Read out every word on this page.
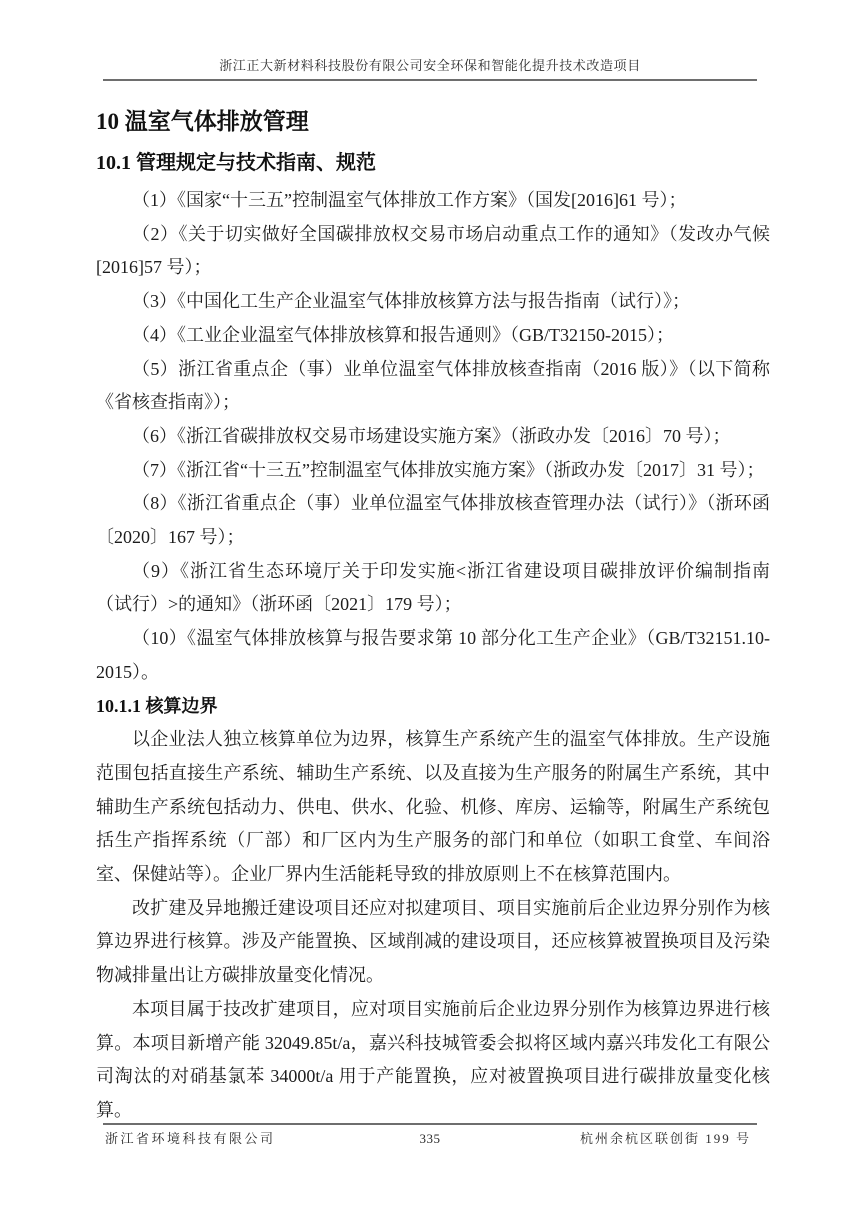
浙江正大新材料科技股份有限公司安全环保和智能化提升技术改造项目
10 温室气体排放管理
10.1 管理规定与技术指南、规范

（1）《国家“十三五”控制温室气体排放工作方案》（国发[2016]61 号）；

（2）《关于切实做好全国碳排放权交易市场启动重点工作的通知》（发改办气候[2016]57 号）；

（3）《中国化工生产企业温室气体排放核算方法与报告指南（试行）》；

（4）《工业企业温室气体排放核算和报告通则》（GB/T32150-2015）；

（5）浙江省重点企（事）业单位温室气体排放核查指南（2016 版）》（以下简称《省核查指南》）；

（6）《浙江省碳排放权交易市场建设实施方案》（浙政办发〔2016〕70 号）；

（7）《浙江省“十三五”控制温室气体排放实施方案》（浙政办发〔2017〕31 号）；

（8）《浙江省重点企（事）业单位温室气体排放核查管理办法（试行）》（浙环函〔2020〕167 号）；

（9）《浙江省生态环境厅关于印发实施<浙江省建设项目碳排放评价编制指南（试行）>的通知》（浙环函〔2021〕179 号）；

（10）《温室气体排放核算与报告要求第 10 部分化工生产企业》（GB/T32151.10-2015）。

10.1.1 核算边界

以企业法人独立核算单位为边界，核算生产系统产生的温室气体排放。生产设施范围包括直接生产系统、辅助生产系统、以及直接为生产服务的附属生产系统，其中辅助生产系统包括动力、供电、供水、化验、机修、库房、运输等，附属生产系统包括生产指挥系统（厂部）和厂区内为生产服务的部门和单位（如职工食堂、车间浴室、保健站等）。企业厂界内生活能耗导致的排放原则上不在核算范围内。

改扩建及异地搬迁建设项目还应对拟建项目、项目实施前后企业边界分别作为核算边界进行核算。涉及产能置换、区域削减的建设项目，还应核算被置换项目及污染物减排量出让方碳排放量变化情况。

本项目属于技改扩建项目，应对项目实施前后企业边界分别作为核算边界进行核算。本项目新增产能 32049.85t/a，嘉兴科技城管委会拟将区域内嘉兴玮发化工有限公司淘汰的对硝基氯苯 34000t/a 用于产能置换，应对被置换项目进行碳排放量变化核算。

浙江省环境科技有限公司	335	杭州余杭区联创街 199 号
